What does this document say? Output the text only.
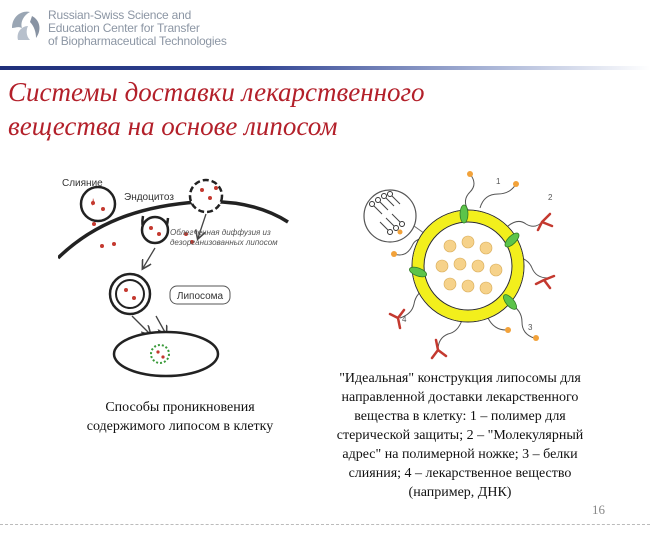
Russian-Swiss Science and
Education Center for Transfer
of Biopharmaceutical Technologies
Системы доставки лекарственного
вещества на основе липосом
Липосома
Слияние
Эндоцитоз
Облегченная диффузия из дезорганизованных липосом
Способы проникновения
содержимого липосом в клетку
1
2
3
4
"Идеальная" конструкция липосомы для
направленной доставки лекарственного
вещества в клетку: 1 – полимер для
стерической защиты; 2 – "Молекулярный
адрес" на полимерной ножке; 3 – белки
слияния; 4 – лекарственное вещество
(например, ДНК)
16
